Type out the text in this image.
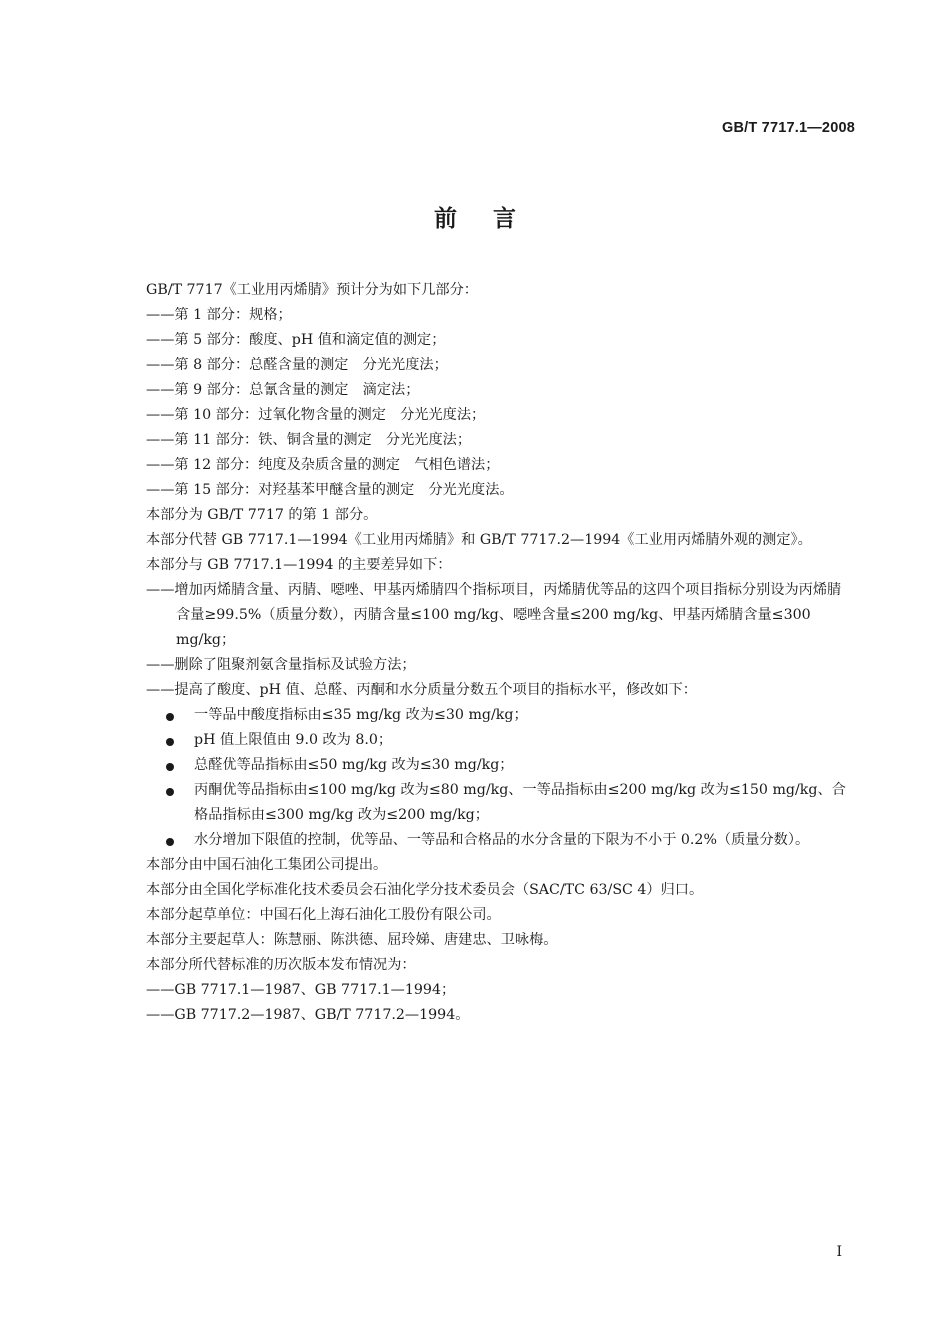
GB/T 7717.1—2008
前言
GB/T 7717《工业用丙烯腈》预计分为如下几部分：
——第 1 部分：规格；
——第 5 部分：酸度、pH 值和滴定值的测定；
——第 8 部分：总醛含量的测定　分光光度法；
——第 9 部分：总氰含量的测定　滴定法；
——第 10 部分：过氧化物含量的测定　分光光度法；
——第 11 部分：铁、铜含量的测定　分光光度法；
——第 12 部分：纯度及杂质含量的测定　气相色谱法；
——第 15 部分：对羟基苯甲醚含量的测定　分光光度法。
本部分为 GB/T 7717 的第 1 部分。
本部分代替 GB 7717.1—1994《工业用丙烯腈》和 GB/T 7717.2—1994《工业用丙烯腈外观的测定》。
本部分与 GB 7717.1—1994 的主要差异如下：
——增加丙烯腈含量、丙腈、噁唑、甲基丙烯腈四个指标项目，丙烯腈优等品的这四个项目指标分别设为丙烯腈含量≥99.5%（质量分数），丙腈含量≤100 mg/kg、噁唑含量≤200 mg/kg、甲基丙烯腈含量≤300 mg/kg；
——删除了阻聚剂氨含量指标及试验方法；
——提高了酸度、pH 值、总醛、丙酮和水分质量分数五个项目的指标水平，修改如下：
一等品中酸度指标由≤35 mg/kg 改为≤30 mg/kg；
pH 值上限值由 9.0 改为 8.0；
总醛优等品指标由≤50 mg/kg 改为≤30 mg/kg；
丙酮优等品指标由≤100 mg/kg 改为≤80 mg/kg、一等品指标由≤200 mg/kg 改为≤150 mg/kg、合格品指标由≤300 mg/kg 改为≤200 mg/kg；
水分增加下限值的控制，优等品、一等品和合格品的水分含量的下限为不小于 0.2%（质量分数）。
本部分由中国石油化工集团公司提出。
本部分由全国化学标准化技术委员会石油化学分技术委员会（SAC/TC 63/SC 4）归口。
本部分起草单位：中国石化上海石油化工股份有限公司。
本部分主要起草人：陈慧丽、陈洪德、屈玲娣、唐建忠、卫咏梅。
本部分所代替标准的历次版本发布情况为：
——GB 7717.1—1987、GB 7717.1—1994；
——GB 7717.2—1987、GB/T 7717.2—1994。
I
